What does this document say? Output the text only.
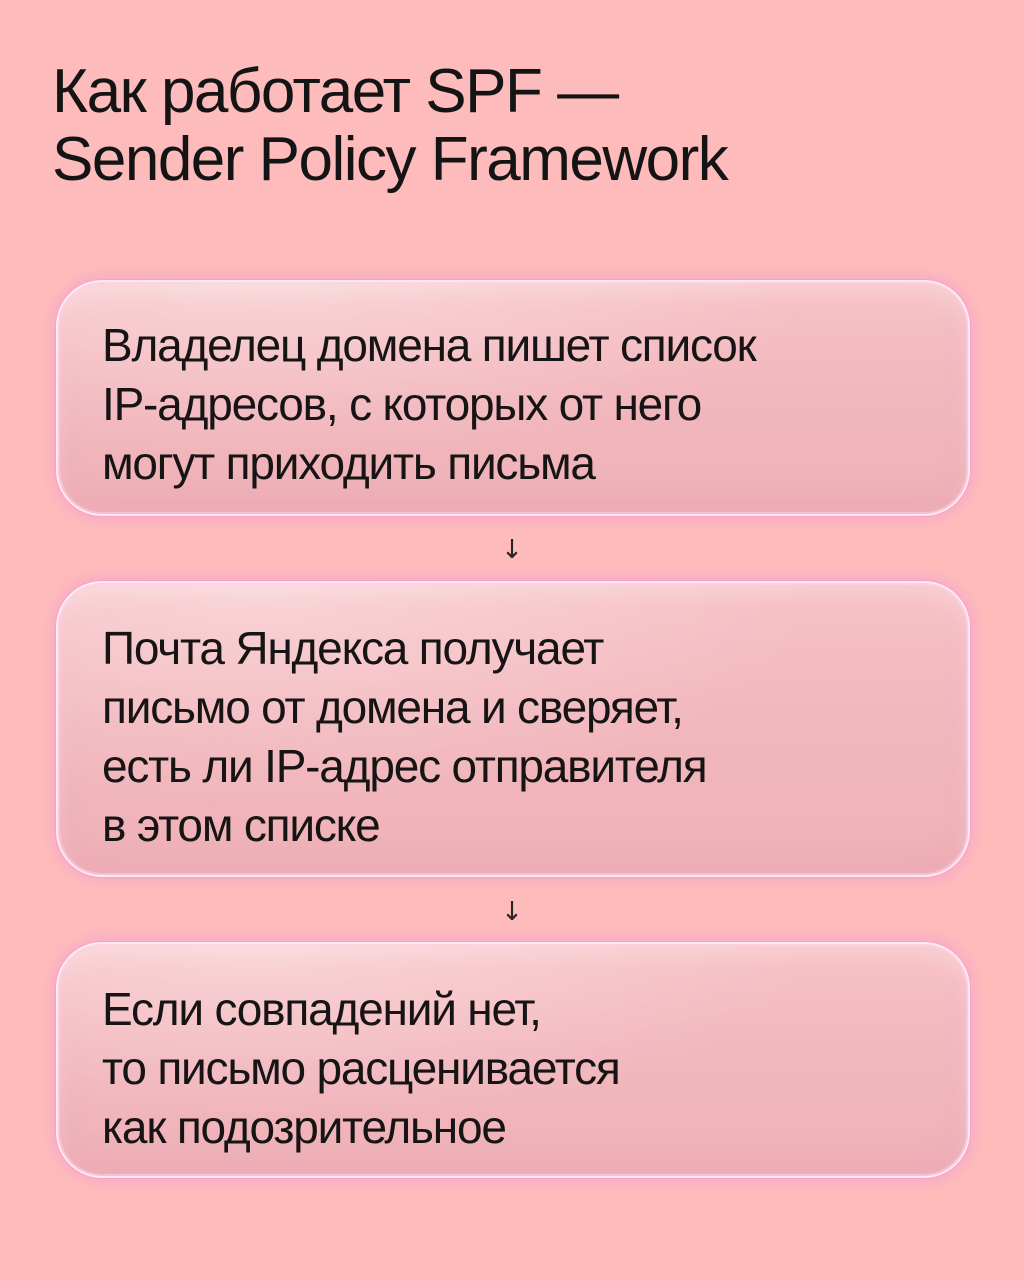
Как работает SPF —
Sender Policy Framework

Владелец домена пишет список
IP-адресов, с которых от него
могут приходить письма

↓

Почта Яндекса получает
письмо от домена и сверяет,
есть ли IP-адрес отправителя
в этом списке

↓

Если совпадений нет,
то письмо расценивается
как подозрительное
